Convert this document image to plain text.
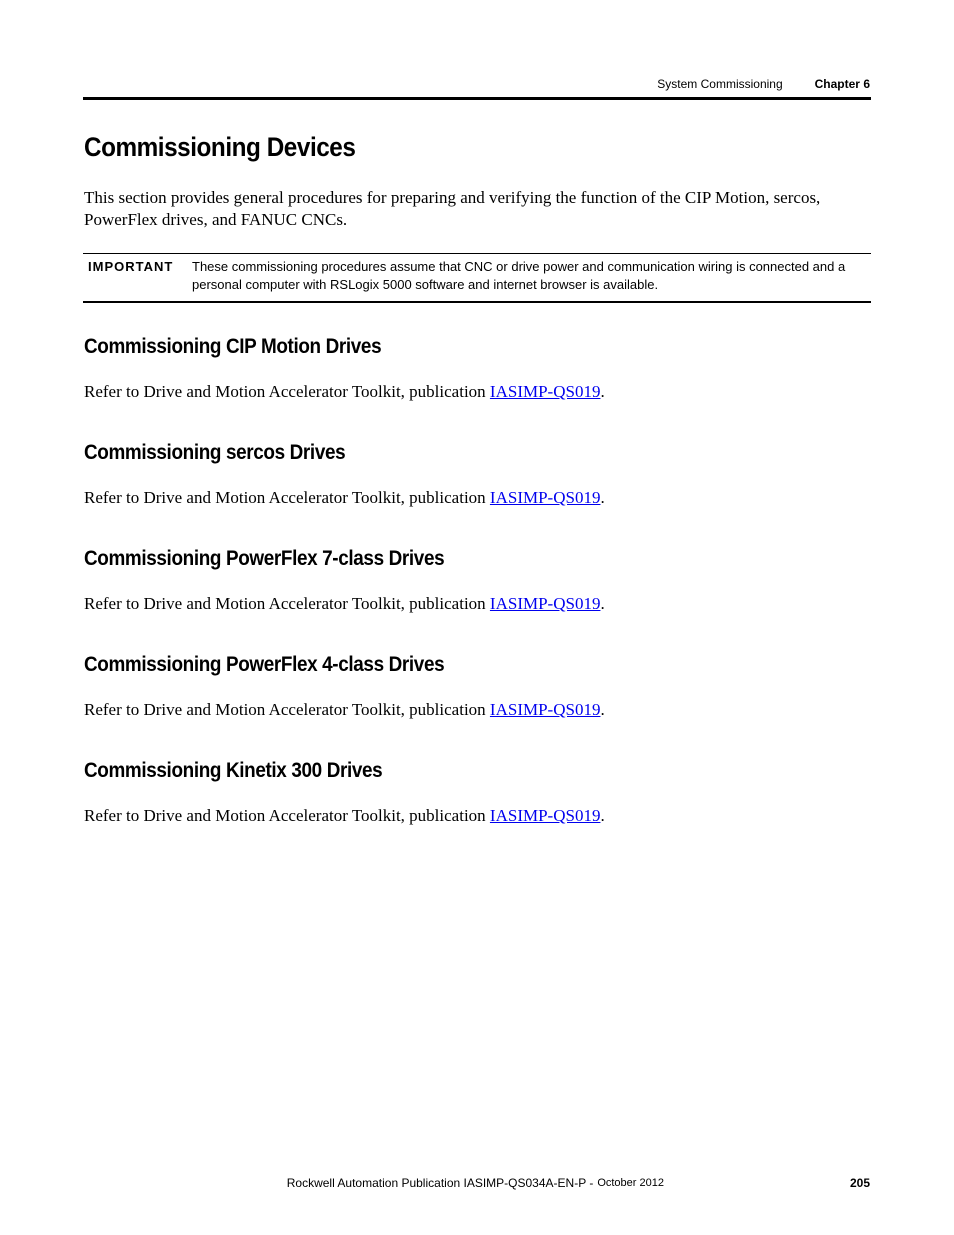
System Commissioning	Chapter 6
Commissioning Devices

This section provides general procedures for preparing and verifying the function of the CIP Motion, sercos, PowerFlex drives, and FANUC CNCs.

IMPORTANT These commissioning procedures assume that CNC or drive power and communication wiring is connected and a personal computer with RSLogix 5000 software and internet browser is available.
Commissioning CIP Motion Drives

Refer to Drive and Motion Accelerator Toolkit, publication IASIMP-QS019.

Commissioning sercos Drives

Refer to Drive and Motion Accelerator Toolkit, publication IASIMP-QS019.

Commissioning PowerFlex 7-class Drives

Refer to Drive and Motion Accelerator Toolkit, publication IASIMP-QS019.

Commissioning PowerFlex 4-class Drives

Refer to Drive and Motion Accelerator Toolkit, publication IASIMP-QS019.

Commissioning Kinetix 300 Drives

Refer to Drive and Motion Accelerator Toolkit, publication IASIMP-QS019.

Rockwell Automation Publication IASIMP-QS034A-EN-P - October 2012	205
